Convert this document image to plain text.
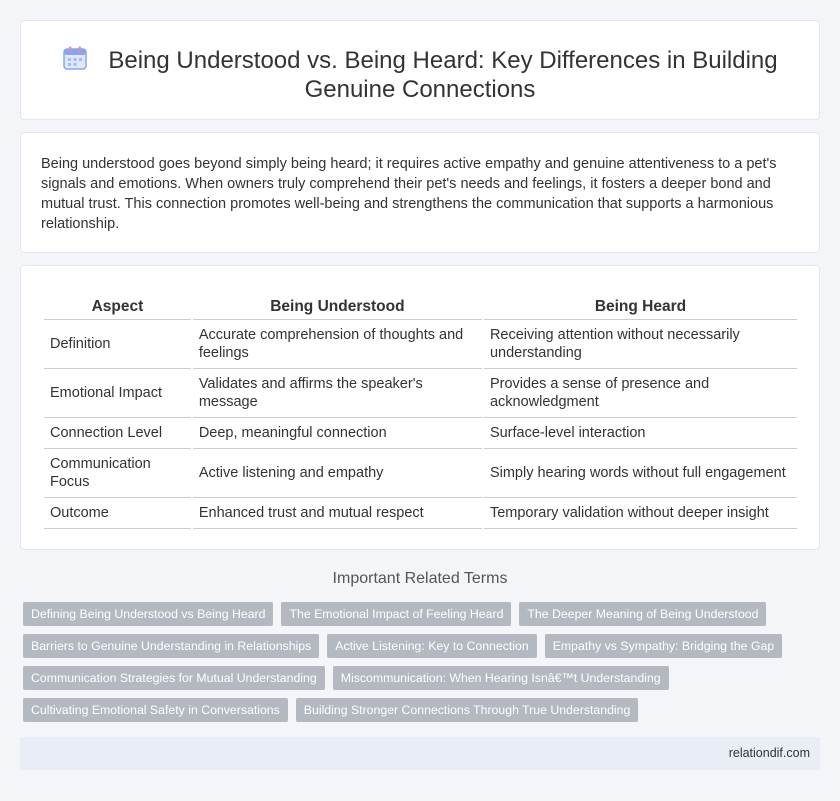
Being Understood vs. Being Heard: Key Differences in Building Genuine Connections

Being understood goes beyond simply being heard; it requires active empathy and genuine attentiveness to a pet's signals and emotions. When owners truly comprehend their pet's needs and feelings, it fosters a deeper bond and mutual trust. This connection promotes well-being and strengthens the communication that supports a harmonious relationship.

Aspect	Being Understood	Being Heard
Definition	Accurate comprehension of thoughts and feelings	Receiving attention without necessarily understanding
Emotional Impact	Validates and affirms the speaker's message	Provides a sense of presence and acknowledgment
Connection Level	Deep, meaningful connection	Surface-level interaction
Communication Focus	Active listening and empathy	Simply hearing words without full engagement
Outcome	Enhanced trust and mutual respect	Temporary validation without deeper insight
Important Related Terms
Defining Being Understood vs Being Heard	The Emotional Impact of Feeling Heard	The Deeper Meaning of Being Understood
Barriers to Genuine Understanding in Relationships	Active Listening: Key to Connection	Empathy vs Sympathy: Bridging the Gap
Communication Strategies for Mutual Understanding	Miscommunication: When Hearing Isnâ€™t Understanding
Cultivating Emotional Safety in Conversations	Building Stronger Connections Through True Understanding
relationdif.com
